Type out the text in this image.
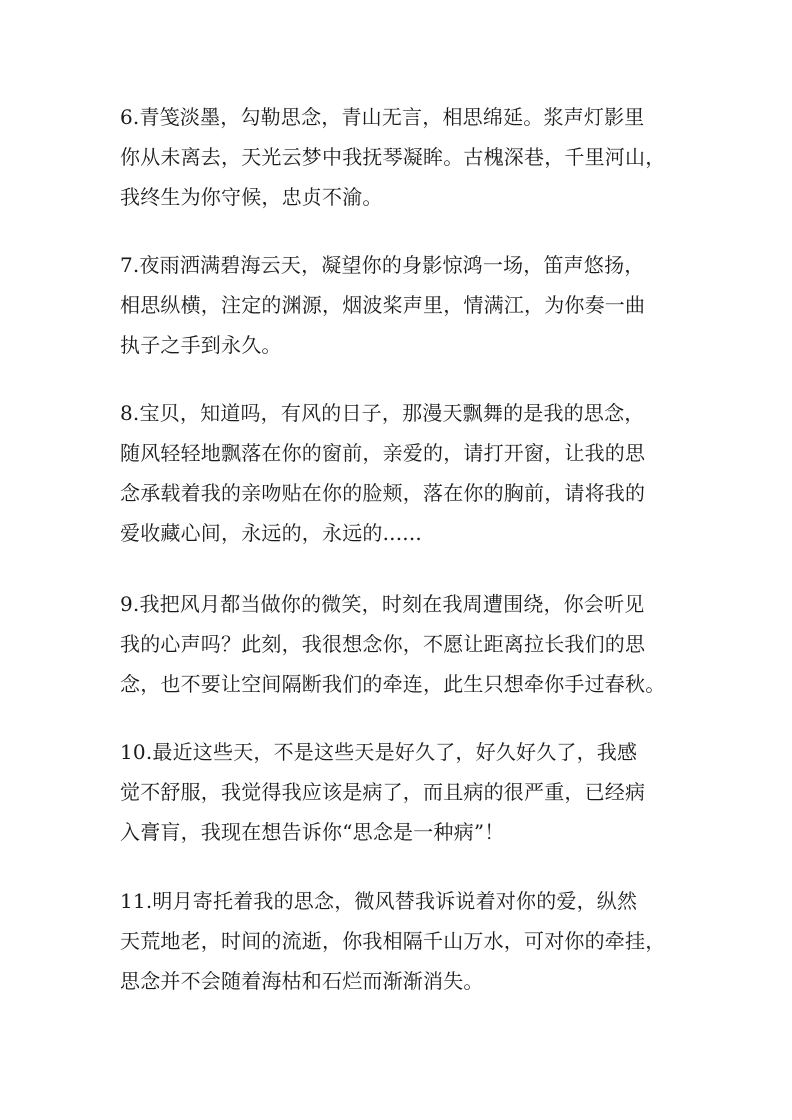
6.青笺淡墨，勾勒思念，青山无言，相思绵延。浆声灯影里
你从未离去，天光云梦中我抚琴凝眸。古槐深巷，千里河山，
我终生为你守候，忠贞不渝。
7.夜雨洒满碧海云天，凝望你的身影惊鸿一场，笛声悠扬，
相思纵横，注定的渊源，烟波桨声里，情满江，为你奏一曲
执子之手到永久。
8.宝贝，知道吗，有风的日子，那漫天飘舞的是我的思念，
随风轻轻地飘落在你的窗前，亲爱的，请打开窗，让我的思
念承载着我的亲吻贴在你的脸颊，落在你的胸前，请将我的
爱收藏心间，永远的，永远的......
9.我把风月都当做你的微笑，时刻在我周遭围绕，你会听见
我的心声吗？此刻，我很想念你，不愿让距离拉长我们的思
念，也不要让空间隔断我们的牵连，此生只想牵你手过春秋。
10.最近这些天，不是这些天是好久了，好久好久了，我感
觉不舒服，我觉得我应该是病了，而且病的很严重，已经病
入膏肓，我现在想告诉你“思念是一种病”！
11.明月寄托着我的思念，微风替我诉说着对你的爱，纵然
天荒地老，时间的流逝，你我相隔千山万水，可对你的牵挂，
思念并不会随着海枯和石烂而渐渐消失。
